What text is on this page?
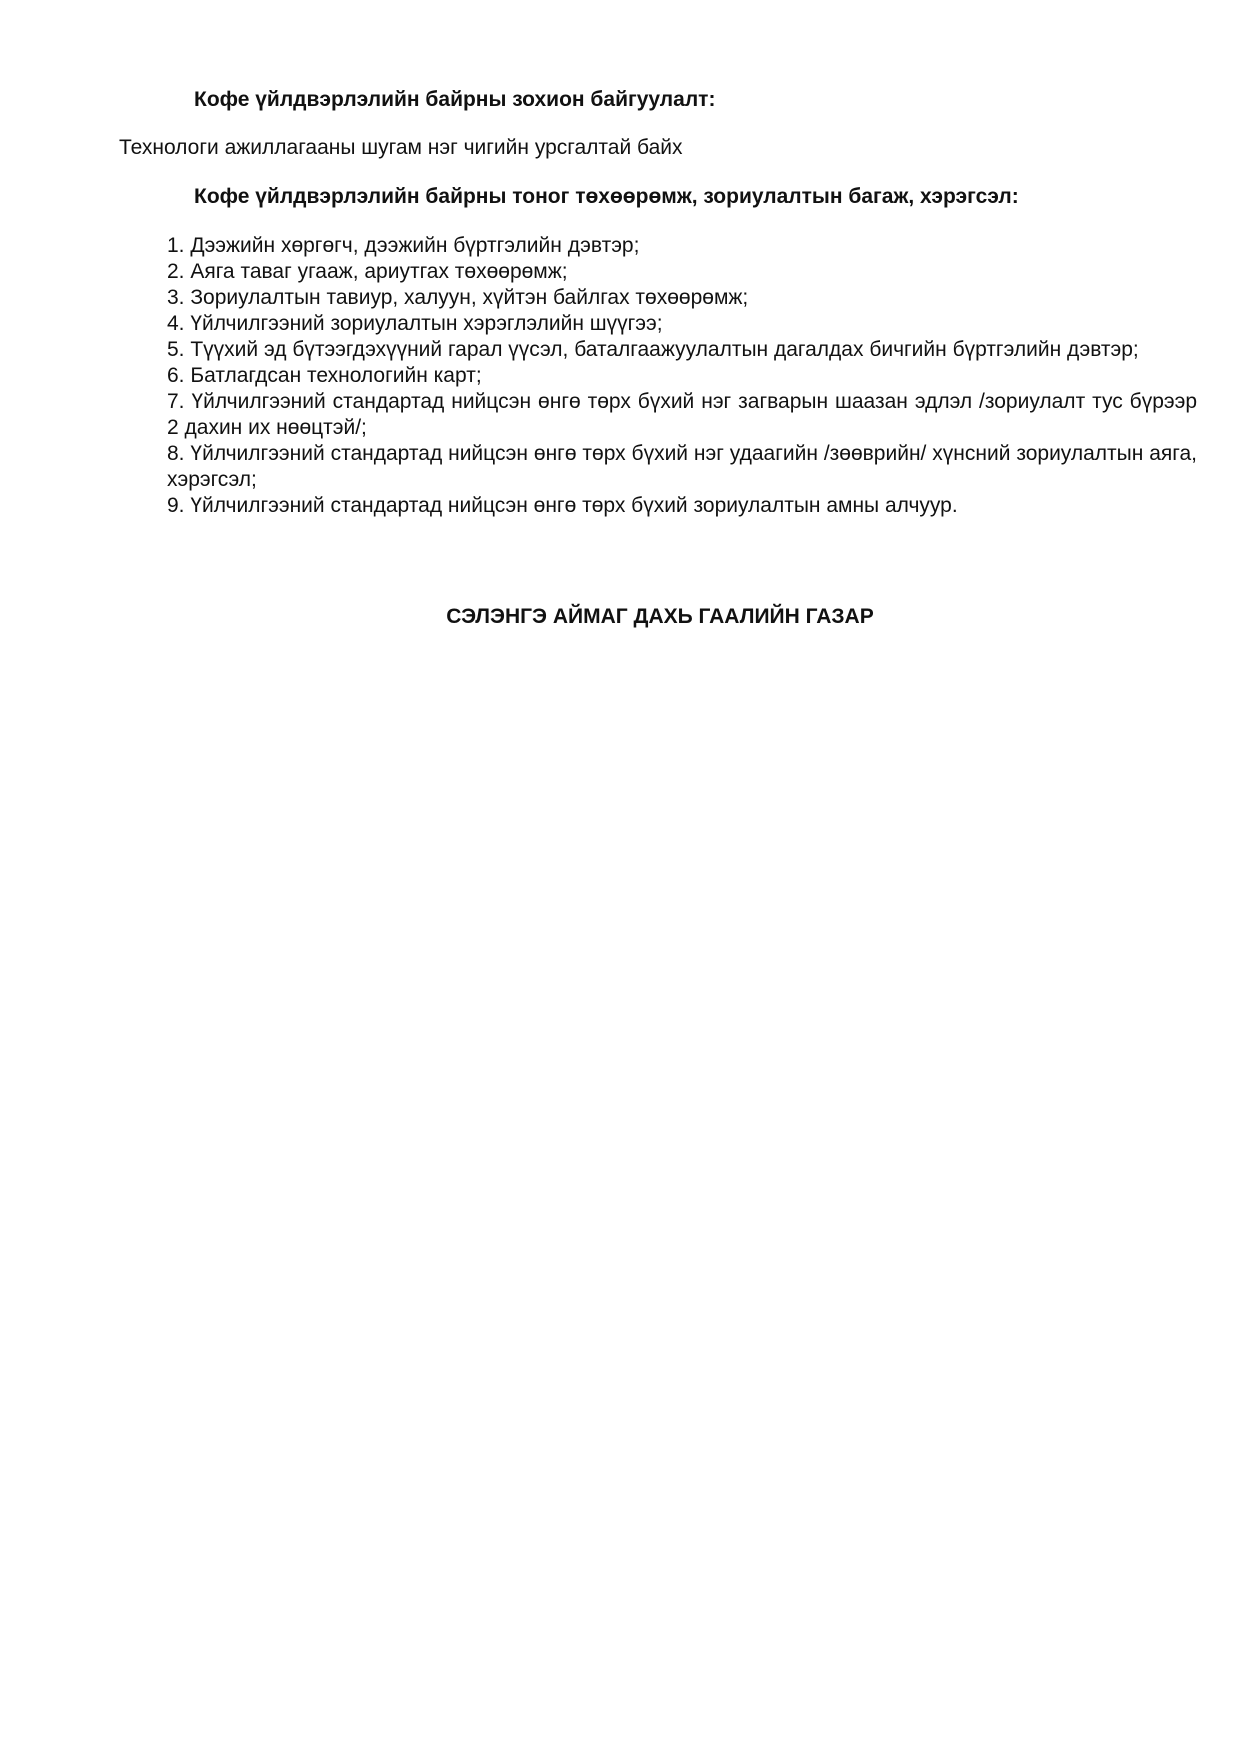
Кофе үйлдвэрлэлийн байрны зохион байгуулалт:
Технологи ажиллагааны шугам нэг чигийн урсгалтай байх
Кофе үйлдвэрлэлийн байрны тоног төхөөрөмж, зориулалтын багаж, хэрэгсэл:
1. Дээжийн хөргөгч, дээжийн бүртгэлийн дэвтэр;
2. Аяга таваг угааж, ариутгах төхөөрөмж;
3. Зориулалтын тавиур, халуун, хүйтэн байлгах төхөөрөмж;
4. Үйлчилгээний зориулалтын хэрэглэлийн шүүгээ;
5. Түүхий эд бүтээгдэхүүний гарал үүсэл, баталгаажуулалтын дагалдах бичгийн бүртгэлийн дэвтэр;
6. Батлагдсан технологийн карт;
7. Үйлчилгээний стандартад нийцсэн өнгө төрх бүхий нэг загварын шаазан эдлэл /зориулалт тус бүрээр 2 дахин их нөөцтэй/;
8. Үйлчилгээний стандартад нийцсэн өнгө төрх бүхий нэг удаагийн /зөөврийн/ хүнсний зориулалтын аяга, хэрэгсэл;
9. Үйлчилгээний стандартад нийцсэн өнгө төрх бүхий зориулалтын амны алчуур.
СЭЛЭНГЭ АЙМАГ ДАХЬ ГААЛИЙН ГАЗАР
